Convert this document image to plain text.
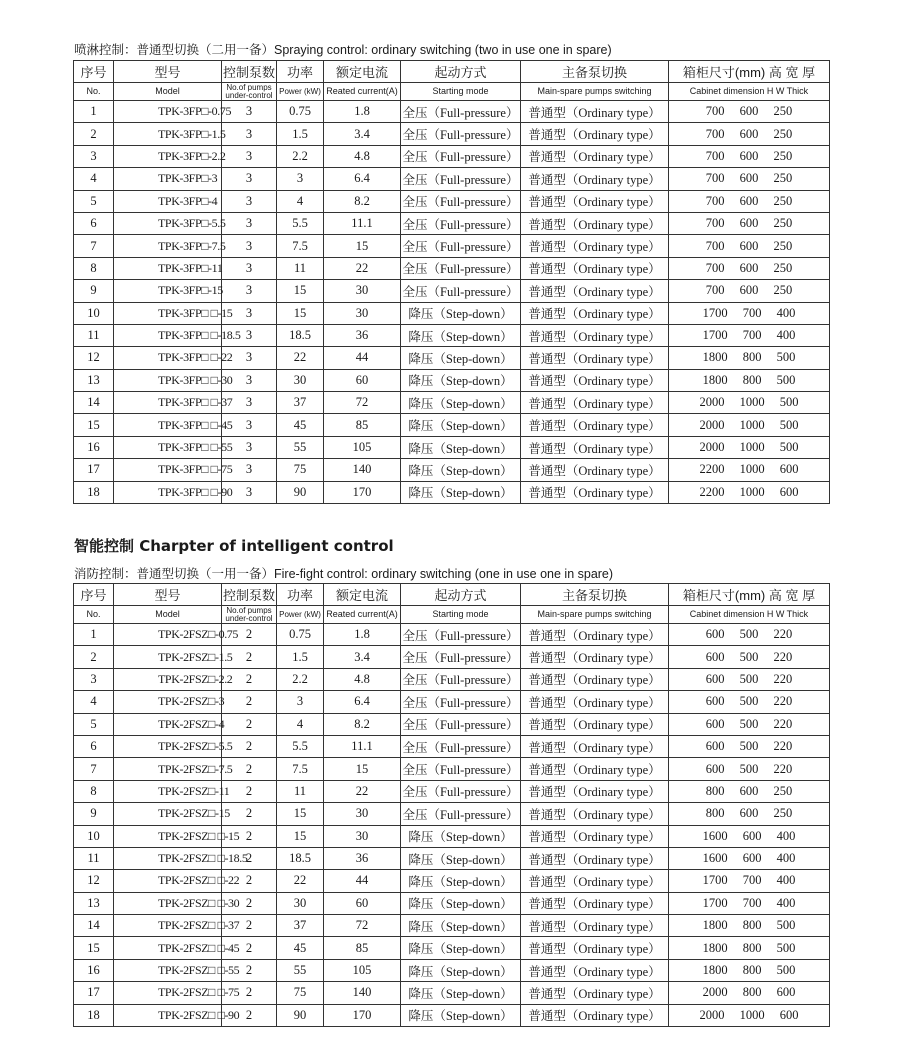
喷淋控制：普通型切换（二用一备）Spraying control: ordinary switching (two in use one in spare)
序号	型号	控制泵数	功率	额定电流	起动方式	主备泵切换	箱柜尺寸(mm) 高 宽 厚
No.	Model	No.of pumps under-control	Power (kW)	Reated current(A)	Starting mode	Main-spare pumps switching	Cabinet dimension H W Thick
1	TPK-3FP□-0.75	3	0.75	1.8	全压（Full-pressure）	普通型（Ordinary type）	700 600 250
2	TPK-3FP□-1.5	3	1.5	3.4	全压（Full-pressure）	普通型（Ordinary type）	700 600 250
3	TPK-3FP□-2.2	3	2.2	4.8	全压（Full-pressure）	普通型（Ordinary type）	700 600 250
4	TPK-3FP□-3	3	3	6.4	全压（Full-pressure）	普通型（Ordinary type）	700 600 250
5	TPK-3FP□-4	3	4	8.2	全压（Full-pressure）	普通型（Ordinary type）	700 600 250
6	TPK-3FP□-5.5	3	5.5	11.1	全压（Full-pressure）	普通型（Ordinary type）	700 600 250
7	TPK-3FP□-7.5	3	7.5	15	全压（Full-pressure）	普通型（Ordinary type）	700 600 250
8	TPK-3FP□-11	3	11	22	全压（Full-pressure）	普通型（Ordinary type）	700 600 250
9	TPK-3FP□-15	3	15	30	全压（Full-pressure）	普通型（Ordinary type）	700 600 250
10	TPK-3FP□ □-15	3	15	30	降压（Step-down）	普通型（Ordinary type）	1700 700 400
11	TPK-3FP□ □-18.5	3	18.5	36	降压（Step-down）	普通型（Ordinary type）	1700 700 400
12	TPK-3FP□ □-22	3	22	44	降压（Step-down）	普通型（Ordinary type）	1800 800 500
13	TPK-3FP□ □-30	3	30	60	降压（Step-down）	普通型（Ordinary type）	1800 800 500
14	TPK-3FP□ □-37	3	37	72	降压（Step-down）	普通型（Ordinary type）	2000 1000 500
15	TPK-3FP□ □-45	3	45	85	降压（Step-down）	普通型（Ordinary type）	2000 1000 500
16	TPK-3FP□ □-55	3	55	105	降压（Step-down）	普通型（Ordinary type）	2000 1000 500
17	TPK-3FP□ □-75	3	75	140	降压（Step-down）	普通型（Ordinary type）	2200 1000 600
18	TPK-3FP□ □-90	3	90	170	降压（Step-down）	普通型（Ordinary type）	2200 1000 600
智能控制 Charpter of intelligent control
消防控制：普通型切换（一用一备）Fire-fight control: ordinary switching (one in use one in spare)
序号	型号	控制泵数	功率	额定电流	起动方式	主备泵切换	箱柜尺寸(mm) 高 宽 厚
No.	Model	No.of pumps under-control	Power (kW)	Reated current(A)	Starting mode	Main-spare pumps switching	Cabinet dimension H W Thick
1	TPK-2FSZ□-0.75	2	0.75	1.8	全压（Full-pressure）	普通型（Ordinary type）	600 500 220
2	TPK-2FSZ□-1.5	2	1.5	3.4	全压（Full-pressure）	普通型（Ordinary type）	600 500 220
3	TPK-2FSZ□-2.2	2	2.2	4.8	全压（Full-pressure）	普通型（Ordinary type）	600 500 220
4	TPK-2FSZ□-3	2	3	6.4	全压（Full-pressure）	普通型（Ordinary type）	600 500 220
5	TPK-2FSZ□-4	2	4	8.2	全压（Full-pressure）	普通型（Ordinary type）	600 500 220
6	TPK-2FSZ□-5.5	2	5.5	11.1	全压（Full-pressure）	普通型（Ordinary type）	600 500 220
7	TPK-2FSZ□-7.5	2	7.5	15	全压（Full-pressure）	普通型（Ordinary type）	600 500 220
8	TPK-2FSZ□-11	2	11	22	全压（Full-pressure）	普通型（Ordinary type）	800 600 250
9	TPK-2FSZ□-15	2	15	30	全压（Full-pressure）	普通型（Ordinary type）	800 600 250
10	TPK-2FSZ□ □-15	2	15	30	降压（Step-down）	普通型（Ordinary type）	1600 600 400
11	TPK-2FSZ□ □-18.5	2	18.5	36	降压（Step-down）	普通型（Ordinary type）	1600 600 400
12	TPK-2FSZ□ □-22	2	22	44	降压（Step-down）	普通型（Ordinary type）	1700 700 400
13	TPK-2FSZ□ □-30	2	30	60	降压（Step-down）	普通型（Ordinary type）	1700 700 400
14	TPK-2FSZ□ □-37	2	37	72	降压（Step-down）	普通型（Ordinary type）	1800 800 500
15	TPK-2FSZ□ □-45	2	45	85	降压（Step-down）	普通型（Ordinary type）	1800 800 500
16	TPK-2FSZ□ □-55	2	55	105	降压（Step-down）	普通型（Ordinary type）	1800 800 500
17	TPK-2FSZ□ □-75	2	75	140	降压（Step-down）	普通型（Ordinary type）	2000 800 600
18	TPK-2FSZ□ □-90	2	90	170	降压（Step-down）	普通型（Ordinary type）	2000 1000 600
